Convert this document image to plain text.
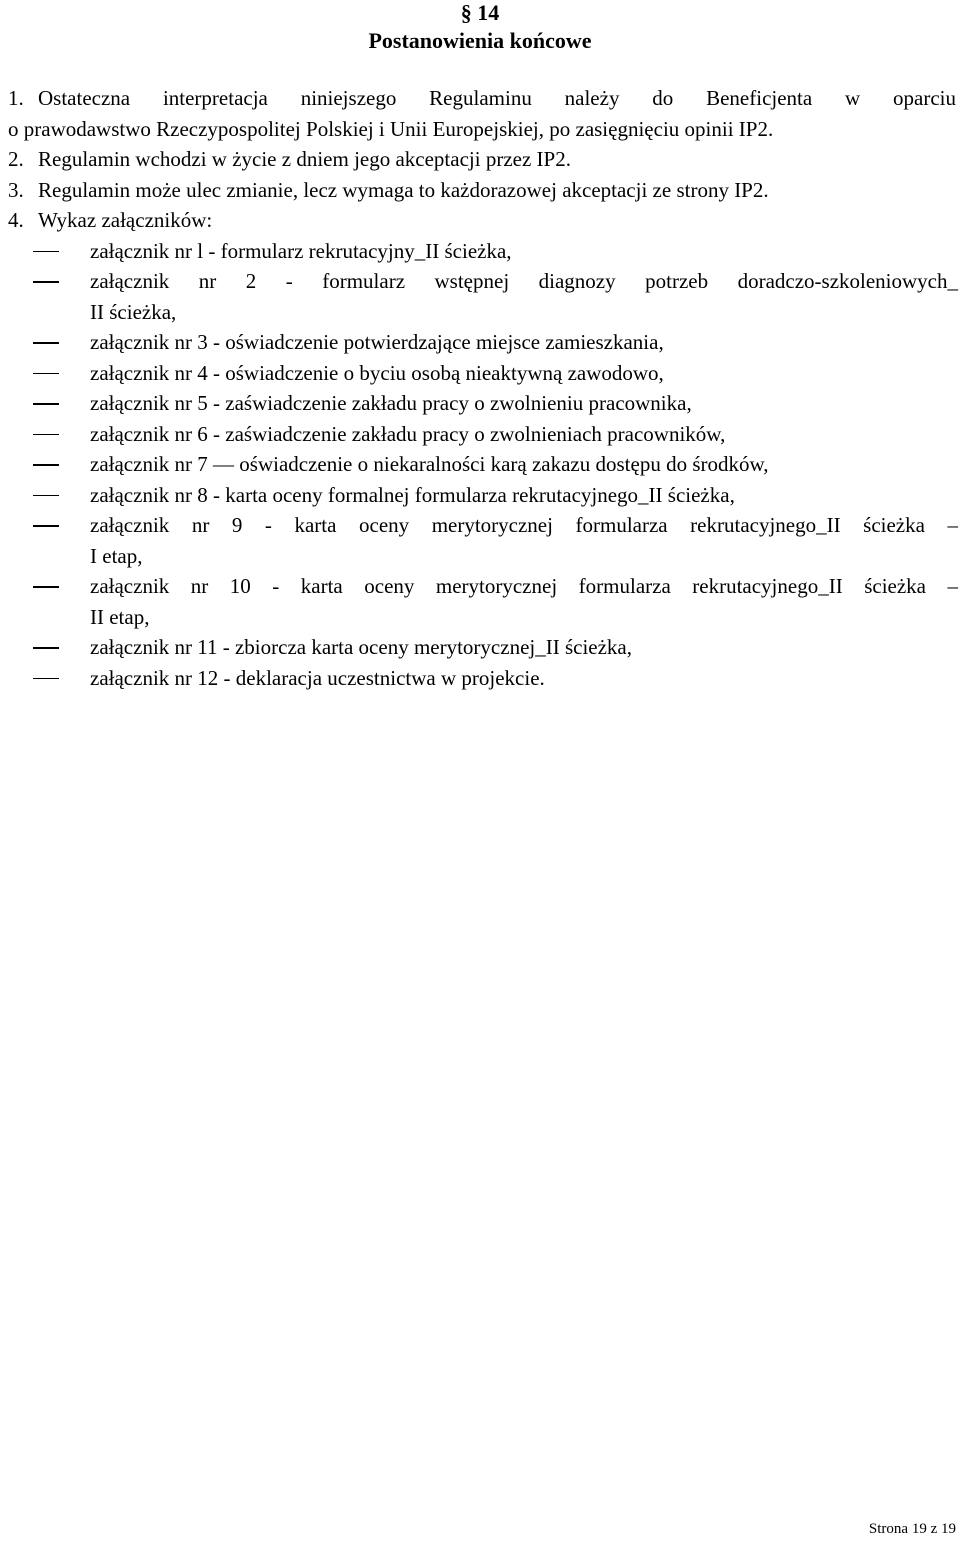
§ 14
Postanowienia końcowe
1. Ostateczna interpretacja niniejszego Regulaminu należy do Beneficjenta w oparciu
o prawodawstwo Rzeczypospolitej Polskiej i Unii Europejskiej, po zasięgnięciu opinii IP2.
2. Regulamin wchodzi w życie z dniem jego akceptacji przez IP2.
3. Regulamin może ulec zmianie, lecz wymaga to każdorazowej akceptacji ze strony IP2.
4. Wykaz załączników:
załącznik nr l - formularz rekrutacyjny_II ścieżka,
załącznik nr 2 - formularz wstępnej diagnozy potrzeb doradczo-szkoleniowych_
II ścieżka,
załącznik nr 3 - oświadczenie potwierdzające miejsce zamieszkania,
załącznik nr 4 - oświadczenie o byciu osobą nieaktywną zawodowo,
załącznik nr 5 - zaświadczenie zakładu pracy o zwolnieniu pracownika,
załącznik nr 6 - zaświadczenie zakładu pracy o zwolnieniach pracowników,
załącznik nr 7 — oświadczenie o niekaralności karą zakazu dostępu do środków,
załącznik nr 8 - karta oceny formalnej formularza rekrutacyjnego_II ścieżka,
załącznik nr 9 - karta oceny merytorycznej formularza rekrutacyjnego_II ścieżka –
I etap,
załącznik nr 10 - karta oceny merytorycznej formularza rekrutacyjnego_II ścieżka –
II etap,
załącznik nr 11 - zbiorcza karta oceny merytorycznej_II ścieżka,
załącznik nr 12 - deklaracja uczestnictwa w projekcie.
Strona 19 z 19
